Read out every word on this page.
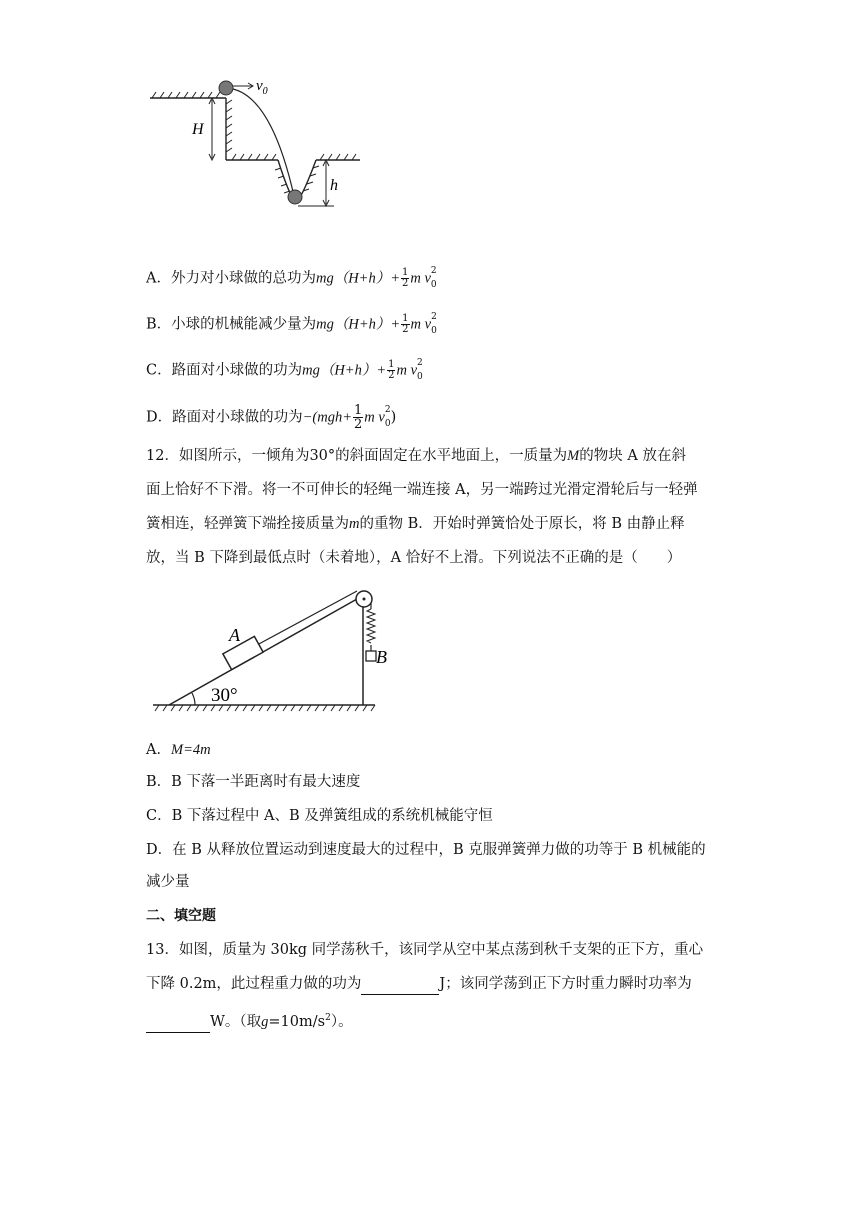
$v_0$
H
h
A．外力对小球做的总功为$mg(H+h)+ \frac{1}{2}$ m v 2
$_0$
B．小球的机械能减少量为$mg(H+h)+ \frac{1}{2}$ m v 2
$_0$
C．路面对小球做的功为$mg(H+h)+ \frac{1}{2}$ m v 2
$_0$
D．路面对小球做的功为$-(mgh+ \frac{1}{2}$ m v 2
$_0$)
12．如图所示，一倾角为30°的斜面固定在水平地面上，一质量为M的物块 A 放在斜
面上恰好不下滑。将一不可伸长的轻绳一端连接 A，另一端跨过光滑定滑轮后与一轻弹
簧相连，轻弹簧下端拴接质量为m的重物 B．开始时弹簧恰处于原长，将 B 由静止释
放，当 B 下降到最低点时（未着地），A 恰好不上滑。下列说法不正确的是（　　）
A
B
30°
A．M=4m
B．B 下落一半距离时有最大速度
C．B 下落过程中 A、B 及弹簧组成的系统机械能守恒
D．在 B 从释放位置运动到速度最大的过程中，B 克服弹簧弹力做的功等于 B 机械能的
减少量
二、填空题
13．如图，质量为 30kg 同学荡秋千，该同学从空中某点荡到秋千支架的正下方，重心
下降 0.2m，此过程重力做的功为	J；该同学荡到正下方时重力瞬时功率为
W。（取$g=10m/s^2$）。
